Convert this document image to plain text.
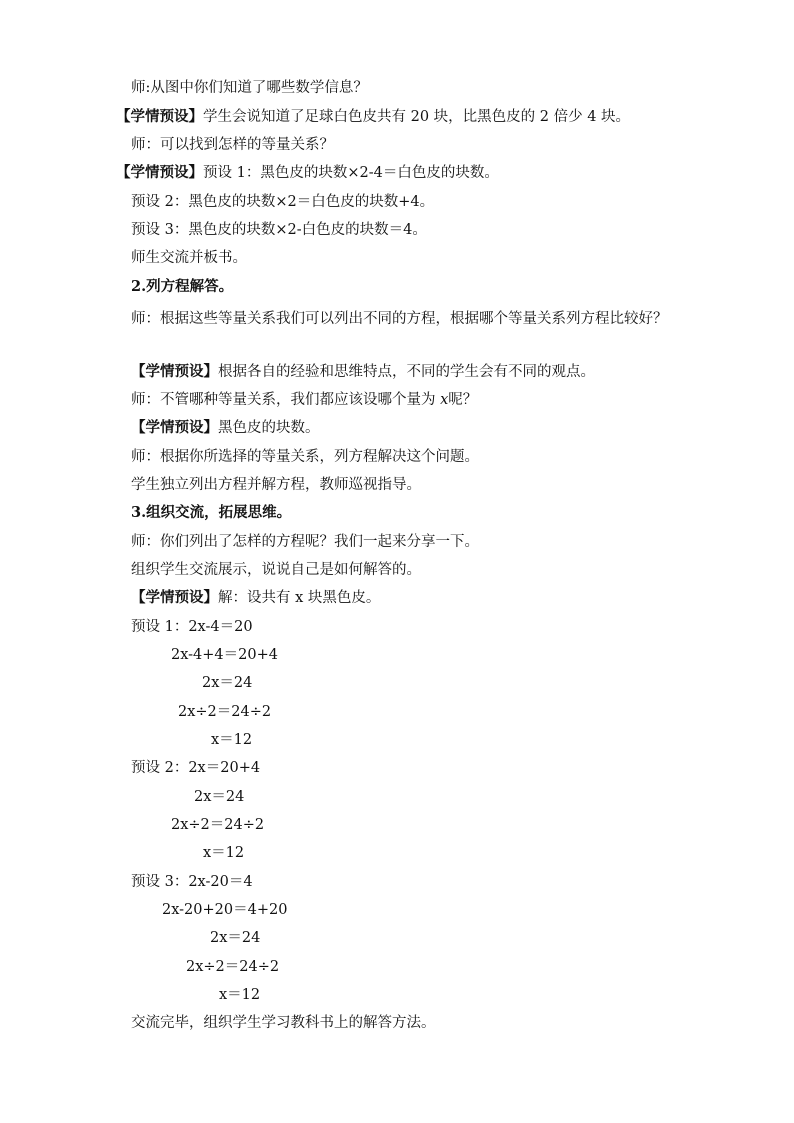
师:从图中你们知道了哪些数学信息？
【学情预设】学生会说知道了足球白色皮共有 20 块，比黑色皮的 2 倍少 4 块。
师：可以找到怎样的等量关系？
【学情预设】预设 1：黑色皮的块数×2-4＝白色皮的块数。
预设 2：黑色皮的块数×2＝白色皮的块数+4。
预设 3：黑色皮的块数×2-白色皮的块数＝4。
师生交流并板书。
2.列方程解答。
师：根据这些等量关系我们可以列出不同的方程，根据哪个等量关系列方程比较好？
【学情预设】根据各自的经验和思维特点，不同的学生会有不同的观点。
师：不管哪种等量关系，我们都应该设哪个量为 x呢？
【学情预设】黑色皮的块数。
师：根据你所选择的等量关系，列方程解决这个问题。
学生独立列出方程并解方程，教师巡视指导。
3.组织交流，拓展思维。
师：你们列出了怎样的方程呢？我们一起来分享一下。
组织学生交流展示，说说自己是如何解答的。
【学情预设】解：设共有 x 块黑色皮。
预设 1：2x-4＝20
2x-4+4＝20+4
2x＝24
2x÷2＝24÷2
x＝12
预设 2：2x＝20+4
2x＝24
2x÷2＝24÷2
x＝12
预设 3：2x-20＝4
2x-20+20＝4+20
2x＝24
2x÷2＝24÷2
x＝12
交流完毕，组织学生学习教科书上的解答方法。
